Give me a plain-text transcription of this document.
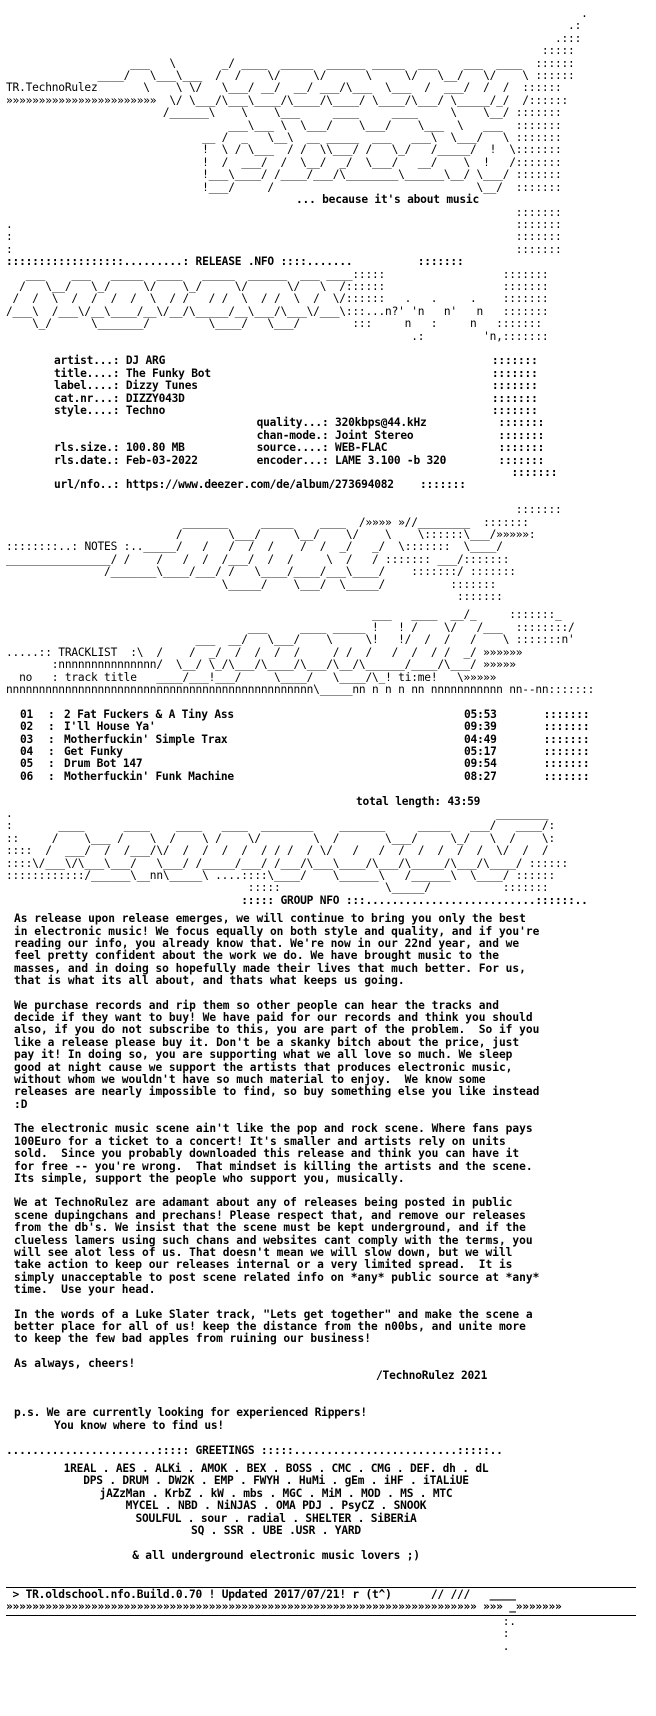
.
.:
.:::
:::::
___   \       _/ ____  _____  ______ _____  ___    ___  ____  ::::::
____/   \___\___  /  /    \/     \/      \     \/   \__/   \/    \ ::::::
TR.TechnoRulez	\    \ \/   \___/ __/  __/ ___/\___  \___  /  ___/  /  /  ::::::
»»»»»»»»»»»»»»»»»»»»»»»  \/ \___/\___\____/\____/\____/ \____/\___/ \_____/_/  /::::::
/______\    \    \___     ____     ____     \    \__/ :::::::
___\___ \  \___/    \___/    \___  \   ___  :::::::
__ /  _   \__\  __ _____  ___   ___\  \___/   \ :::::::
!  \ / \___  / /  \\___/ /   \_/   /_____/  !  \:::::::
!  /  ___/  /  \__/  _/  \___/   __/    \  !   /:::::::
!___\____/ /____/___/\________\______\__/ \___/ :::::::
!___/     /                               \__/  :::::::
... because it's about music
:::::::
.                                                                             :::::::
:                                                                             :::::::
:                                                                             :::::::
::::::::::::::::::.........: RELEASE .NFO ::::.......          :::::::
___    ___   _____  ____   _____  ______  ___ ____:::::                  :::::::
/   \__/   \_/     \/    \_/     \/      \/   \  /::::::                  :::::::
/  /  \  /  /  /  /  \  / /   / /  \  / /  \  /  \/::::::   .   .     .    :::::::
/___\  /___\/__\____/__\/__/\_____/__\___/\___\/___\:::...n?' 'n   n'   n   :::::::
\_/      \_______/         \____/   \___/        :::     n   :     n   :::::::
.:         'n,:::::::
artist...: DJ ARG	:::::::
title....: The Funky Bot	:::::::
label....: Dizzy Tunes	:::::::
cat.nr...: DIZZY043D	:::::::
style....: Techno	:::::::
quality...: 320kbps@44.kHz	:::::::
chan-mode.: Joint Stereo	:::::::
rls.size.: 100.80 MB           source....: WEB-FLAC	:::::::
rls.date.: Feb-03-2022         encoder...: LAME 3.100 -b 320	:::::::
:::::::
url/nfo..: https://www.deezer.com/de/album/273694082    :::::::
:::::::
_______     _____    ____  /»»»» »//________  :::::::
/       \___/     \__/    \/    \    \::::::\___/»»»»»:
::::::::..: NOTES :.._____/   /   /  /  /    /  /  _/   _/  \:::::::  \____/
________________/ /    /   /  /  /___/  /  /     \  /   / ::::::: ___/:::::::
/_______\____/___/ /   \____/____/___\____/    :::::::/ :::::::
\_____/    \___/  \_____/          :::::::
:::::::
___   ____  __/_     :::::::_
___     ____ _____ !   ! /    \/   /___  ::::::::/
___  __/   \___/    \     \!   !/  /  /   /    \ :::::::n'
.....:: TRACKLIST  :\  /    /  _/  /  /  /  /     / /  /   /  /  / /  _/ »»»»»»
:nnnnnnnnnnnnnnn/  \__/ \_/\___/\____/\___/\__/\______/____/\___/ »»»»»
no   : track title   ____/___!___/     \____/   \____/\_! ti:me!   \»»»»»
nnnnnnnnnnnnnnnnnnnnnnnnnnnnnnnnnnnnnnnnnnnnnnn\_____nn n n n nn nnnnnnnnnnn nn--nn:::::::
01	: 2 Fat Fuckers & A Tiny Ass	05:53	:::::::
02	: I'll House Ya'	09:39	:::::::
03	: Motherfuckin' Simple Trax	04:49	:::::::
04	: Get Funky	05:17	:::::::
05	: Drum Bot 147	09:54	:::::::
06	: Motherfuckin' Funk Machine	08:27	:::::::
total length: 43:59
.                                                                          ________
:       ____      ____    ____   ____  ________    _______     _____   ___/   ____/:
::     /    \___ /    \  /    \ /    \/        \  /       \___/     \_/   \  /    \:
::::  /  ___/  /  /___/\/  /  /  /  /  / / /  / \/   /   /  /  /  /  /  /  \/  /  /
::::\/___\/\___\___/   \___/ /_____/___/ /___/\___\____/\___/\_____/\___/\____/ ::::::
::::::::::::/______\__nn\_____\ ....::::\____/    \______\   /______\  \____/ ::::::
:::::                \_____/           :::::::
::::: GROUP NFO :::..........................::::::..
As release upon release emerges, we will continue to bring you only the best in electronic music! We focus equally on both style and quality, and if you're reading our info, you already know that. We're now in our 22nd year, and we feel pretty confident about the work we do. We have brought music to the masses, and in doing so hopefully made their lives that much better. For us, that is what its all about, and thats what keeps us going.
We purchase records and rip them so other people can hear the tracks and decide if they want to buy! We have paid for our records and think you should also, if you do not subscribe to this, you are part of the problem.  So if you like a release please buy it. Don't be a skanky bitch about the price, just pay it! In doing so, you are supporting what we all love so much. We sleep good at night cause we support the artists that produces electronic music, without whom we wouldn't have so much material to enjoy.  We know some releases are nearly impossible to find, so buy something else you like instead :D
The electronic music scene ain't like the pop and rock scene. Where fans pays 100Euro for a ticket to a concert! It's smaller and artists rely on units sold.  Since you probably downloaded this release and think you can have it for free -- you're wrong.  That mindset is killing the artists and the scene. Its simple, support the people who support you, musically.
We at TechnoRulez are adamant about any of releases being posted in public scene dupingchans and prechans! Please respect that, and remove our releases from the db's. We insist that the scene must be kept underground, and if the clueless lamers using such chans and websites cant comply with the terms, you will see alot less of us. That doesn't mean we will slow down, but we will take action to keep our releases internal or a very limited spread.  It is simply unacceptable to post scene related info on *any* public source at *any* time.  Use your head.
In the words of a Luke Slater track, "Lets get together" and make the scene a better place for all of us! keep the distance from the n00bs, and unite more to keep the few bad apples from ruining our business!
As always, cheers!
/TechnoRulez 2021
p.s. We are currently looking for experienced Rippers!
You know where to find us!
.......................::::: GREETINGS :::::.........................:::::..
1REAL . AES . ALKi . AMOK . BEX . BOSS . CMC . CMG . DEF. dh . dL
DPS . DRUM . DW2K . EMP . FWYH . HuMi . gEm . iHF . iTALiUE
jAZzMan . KrbZ . kW . mbs . MGC . MiM . MOD . MS . MTC
MYCEL . NBD . NiNJAS . OMA PDJ . PsyCZ . SNOOK
SOULFUL . sour . radial . SHELTER . SiBERiA
SQ . SSR . UBE .USR . YARD
& all underground electronic music lovers ;)
> TR.oldschool.nfo.Build.0.70 ! Updated 2017/07/21! r (t^)	// ///   ____
»»»»»»»»»»»»»»»»»»»»»»»»»»»»»»»»»»»»»»»»»»»»»»»»»»»»»»»»»»»»»»»»»»»»»»»» »»» _»»»»»»»
:.
:
.
